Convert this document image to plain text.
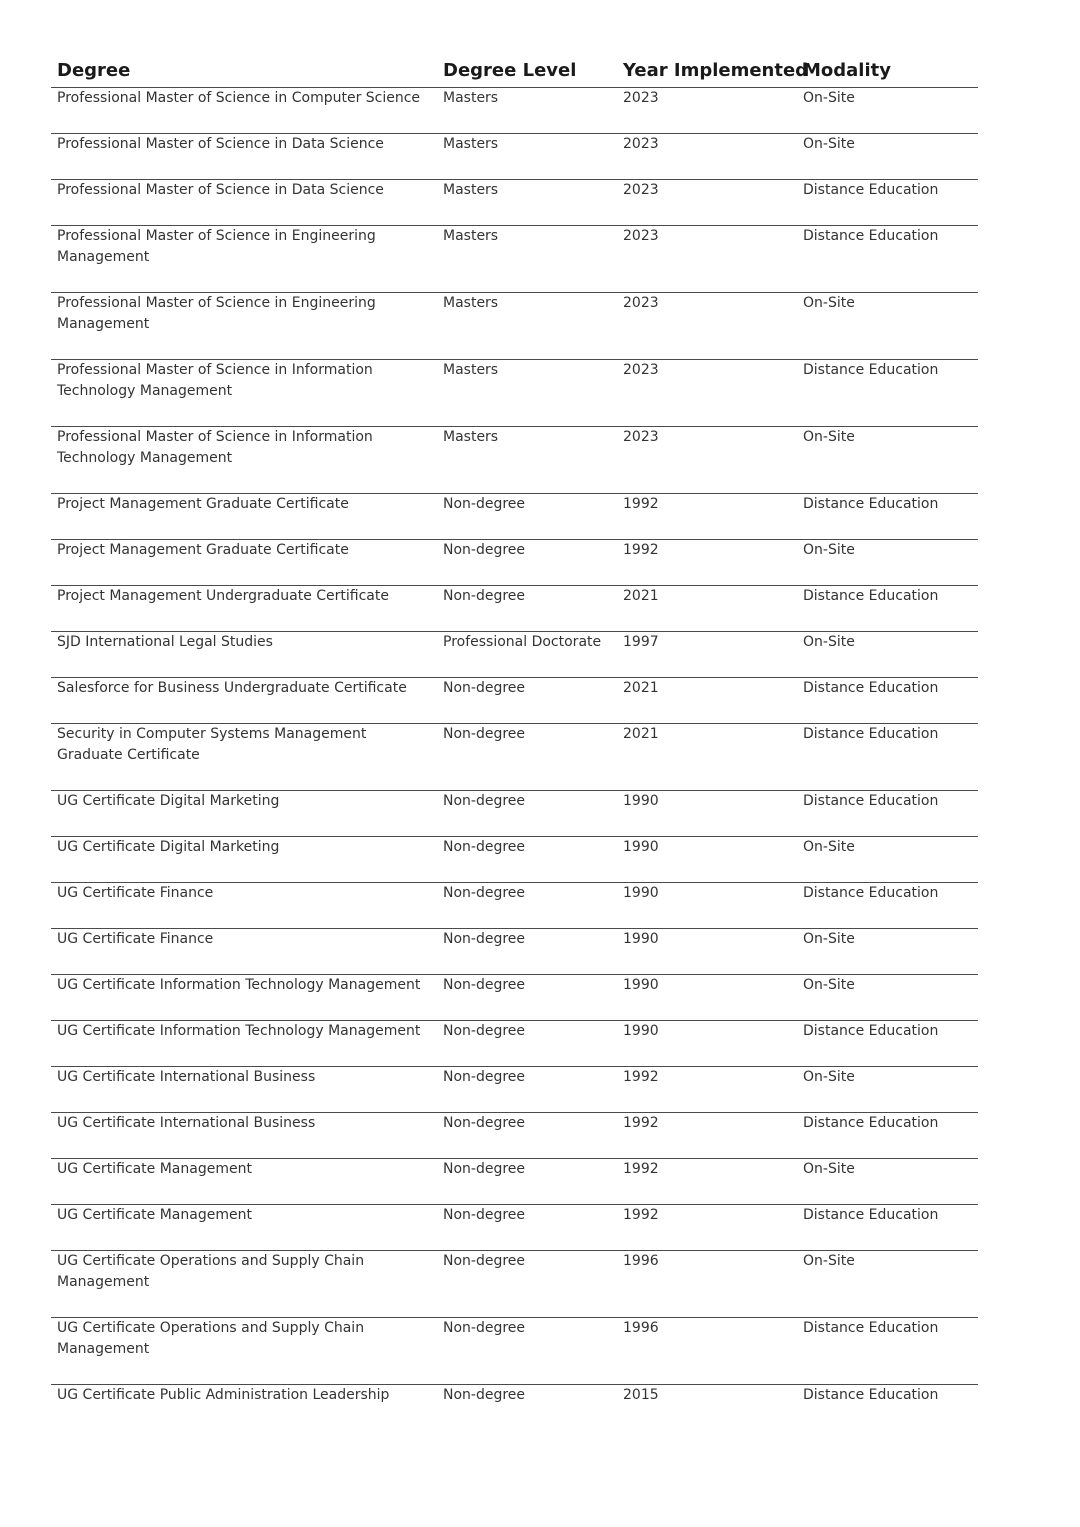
Degree	Degree Level	Year Implemented	Modality
Professional Master of Science in Computer Science	Masters	2023	On-Site
Professional Master of Science in Data Science	Masters	2023	On-Site
Professional Master of Science in Data Science	Masters	2023	Distance Education
Professional Master of Science in Engineering Management	Masters	2023	Distance Education
Professional Master of Science in Engineering Management	Masters	2023	On-Site
Professional Master of Science in Information Technology Management	Masters	2023	Distance Education
Professional Master of Science in Information Technology Management	Masters	2023	On-Site
Project Management Graduate Certificate	Non-degree	1992	Distance Education
Project Management Graduate Certificate	Non-degree	1992	On-Site
Project Management Undergraduate Certificate	Non-degree	2021	Distance Education
SJD International Legal Studies	Professional Doctorate	1997	On-Site
Salesforce for Business Undergraduate Certificate	Non-degree	2021	Distance Education
Security in Computer Systems Management Graduate Certificate	Non-degree	2021	Distance Education
UG Certificate Digital Marketing	Non-degree	1990	Distance Education
UG Certificate Digital Marketing	Non-degree	1990	On-Site
UG Certificate Finance	Non-degree	1990	Distance Education
UG Certificate Finance	Non-degree	1990	On-Site
UG Certificate Information Technology Management	Non-degree	1990	On-Site
UG Certificate Information Technology Management	Non-degree	1990	Distance Education
UG Certificate International Business	Non-degree	1992	On-Site
UG Certificate International Business	Non-degree	1992	Distance Education
UG Certificate Management	Non-degree	1992	On-Site
UG Certificate Management	Non-degree	1992	Distance Education
UG Certificate Operations and Supply Chain Management	Non-degree	1996	On-Site
UG Certificate Operations and Supply Chain Management	Non-degree	1996	Distance Education
UG Certificate Public Administration Leadership	Non-degree	2015	Distance Education
